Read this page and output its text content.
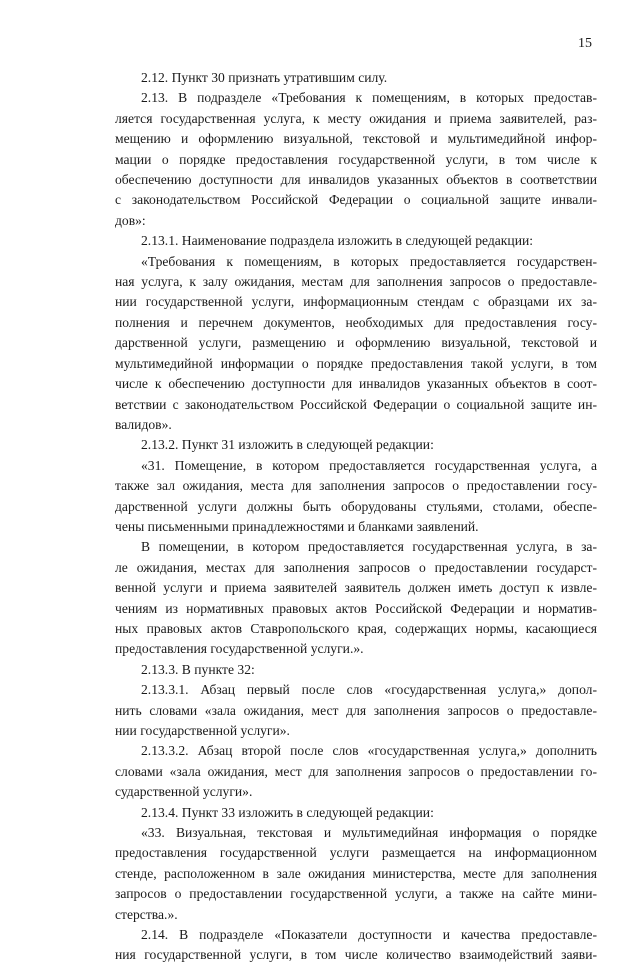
15
2.12. Пункт 30 признать утратившим силу.
2.13. В подразделе «Требования к помещениям, в которых предостав-
ляется государственная услуга, к месту ожидания и приема заявителей, раз-
мещению и оформлению визуальной, текстовой и мультимедийной инфор-
мации о порядке предоставления государственной услуги, в том числе к
обеспечению доступности для инвалидов указанных объектов в соответствии
с законодательством Российской Федерации о социальной защите инвали-
дов»:
2.13.1. Наименование подраздела изложить в следующей редакции:
«Требования к помещениям, в которых предоставляется государствен-
ная услуга, к залу ожидания, местам для заполнения запросов о предоставле-
нии государственной услуги, информационным стендам с образцами их за-
полнения и перечнем документов, необходимых для предоставления госу-
дарственной услуги, размещению и оформлению визуальной, текстовой и
мультимедийной информации о порядке предоставления такой услуги, в том
числе к обеспечению доступности для инвалидов указанных объектов в соот-
ветствии с законодательством Российской Федерации о социальной защите ин-
валидов».
2.13.2. Пункт 31 изложить в следующей редакции:
«31. Помещение, в котором предоставляется государственная услуга, а
также зал ожидания, места для заполнения запросов о предоставлении госу-
дарственной услуги должны быть оборудованы стульями, столами, обеспе-
чены письменными принадлежностями и бланками заявлений.
В помещении, в котором предоставляется государственная услуга, в за-
ле ожидания, местах для заполнения запросов о предоставлении государст-
венной услуги и приема заявителей заявитель должен иметь доступ к извле-
чениям из нормативных правовых актов Российской Федерации и норматив-
ных правовых актов Ставропольского края, содержащих нормы, касающиеся
предоставления государственной услуги.».
2.13.3. В пункте 32:
2.13.3.1. Абзац первый после слов «государственная услуга,» допол-
нить словами «зала ожидания, мест для заполнения запросов о предоставле-
нии государственной услуги».
2.13.3.2. Абзац второй после слов «государственная услуга,» дополнить
словами «зала ожидания, мест для заполнения запросов о предоставлении го-
сударственной услуги».
2.13.4. Пункт 33 изложить в следующей редакции:
«33. Визуальная, текстовая и мультимедийная информация о порядке
предоставления государственной услуги размещается на информационном
стенде, расположенном в зале ожидания министерства, месте для заполнения
запросов о предоставлении государственной услуги, а также на сайте мини-
стерства.».
2.14. В подразделе «Показатели доступности и качества предоставле-
ния государственной услуги, в том числе количество взаимодействий заяви-
